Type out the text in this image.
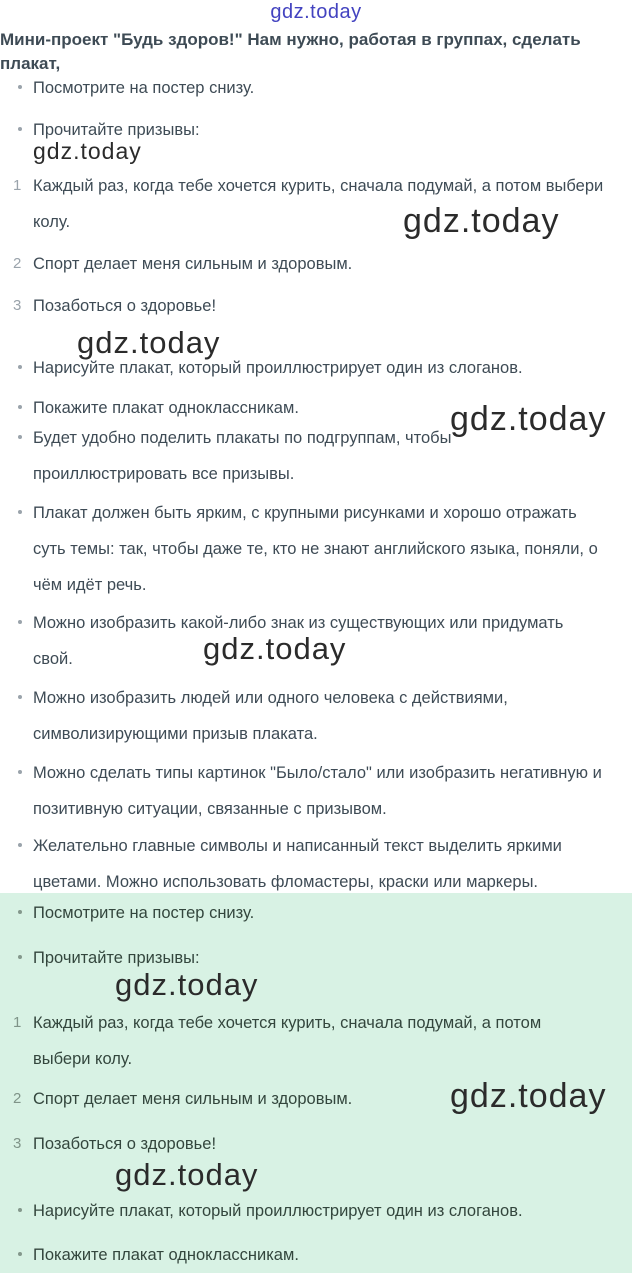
gdz.today
gdz.today
gdz.today
gdz.today
gdz.today
gdz.today
Мини-проект "Будь здоров!" Нам нужно, работая в группах, сделать плакат,
Посмотрите на постер снизу.
Прочитайте призывы:
1 Каждый раз, когда тебе хочется курить, сначала подумай, а потом выбери
колу.
2 Спорт делает меня сильным и здоровым.
3 Позаботься о здоровье!
Нарисуйте плакат, который проиллюстрирует один из слоганов.
Покажите плакат одноклассникам.
Будет удобно поделить плакаты по подгруппам, чтобы
проиллюстрировать все призывы.
Плакат должен быть ярким, с крупными рисунками и хорошо отражать
суть темы: так, чтобы даже те, кто не знают английского языка, поняли, о
чём идёт речь.
Можно изобразить какой-либо знак из существующих или придумать
свой.
Можно изобразить людей или одного человека с действиями,
символизирующими призыв плаката.
Можно сделать типы картинок "Было/стало" или изобразить негативную и
позитивную ситуации, связанные с призывом.
Желательно главные символы и написанный текст выделить яркими
цветами. Можно использовать фломастеры, краски или маркеры.
gdz.today
gdz.today
gdz.today
Посмотрите на постер снизу.
Прочитайте призывы:
1 Каждый раз, когда тебе хочется курить, сначала подумай, а потом
выбери колу.
2 Спорт делает меня сильным и здоровым.
3 Позаботься о здоровье!
Нарисуйте плакат, который проиллюстрирует один из слоганов.
Покажите плакат одноклассникам.
